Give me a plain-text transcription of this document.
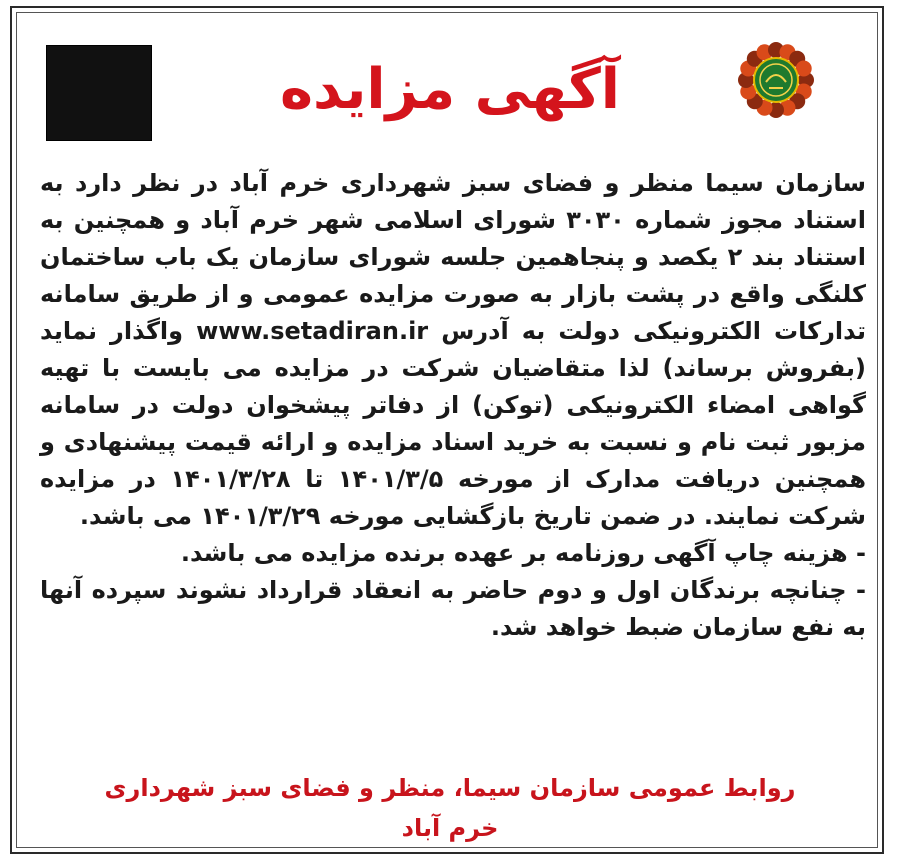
آگهی مزایده

سازمان سیما منظر و فضای سبز شهرداری خرم آباد در نظر دارد به استناد مجوز شماره ۳۰۳۰ شورای اسلامی شهر خرم آباد و همچنین به استناد بند ۲ یکصد و پنجاهمین جلسه شورای سازمان یک باب ساختمان کلنگی واقع در پشت بازار به صورت مزایده عمومی و از طریق سامانه تدارکات الکترونیکی دولت به آدرس www.setadiran.ir واگذار نماید (بفروش برساند) لذا متقاضیان شرکت در مزایده می بایست با تهیه گواهی امضاء الکترونیکی (توکن) از دفاتر پیشخوان دولت در سامانه مزبور ثبت نام و نسبت به خرید اسناد مزایده و ارائه قیمت پیشنهادی و همچنین دریافت مدارک از مورخه ۱۴۰۱/۳/۵ تا ۱۴۰۱/۳/۲۸ در مزایده شرکت نمایند. در ضمن تاریخ بازگشایی مورخه ۱۴۰۱/۳/۲۹ می باشد.

- هزینه چاپ آگهی روزنامه بر عهده برنده مزایده می باشد.

- چنانچه برندگان اول و دوم حاضر به انعقاد قرارداد نشوند سپرده آنها به نفع سازمان ضبط خواهد شد.

روابط عمومی سازمان سیما، منظر و فضای سبز شهرداری خرم آباد
